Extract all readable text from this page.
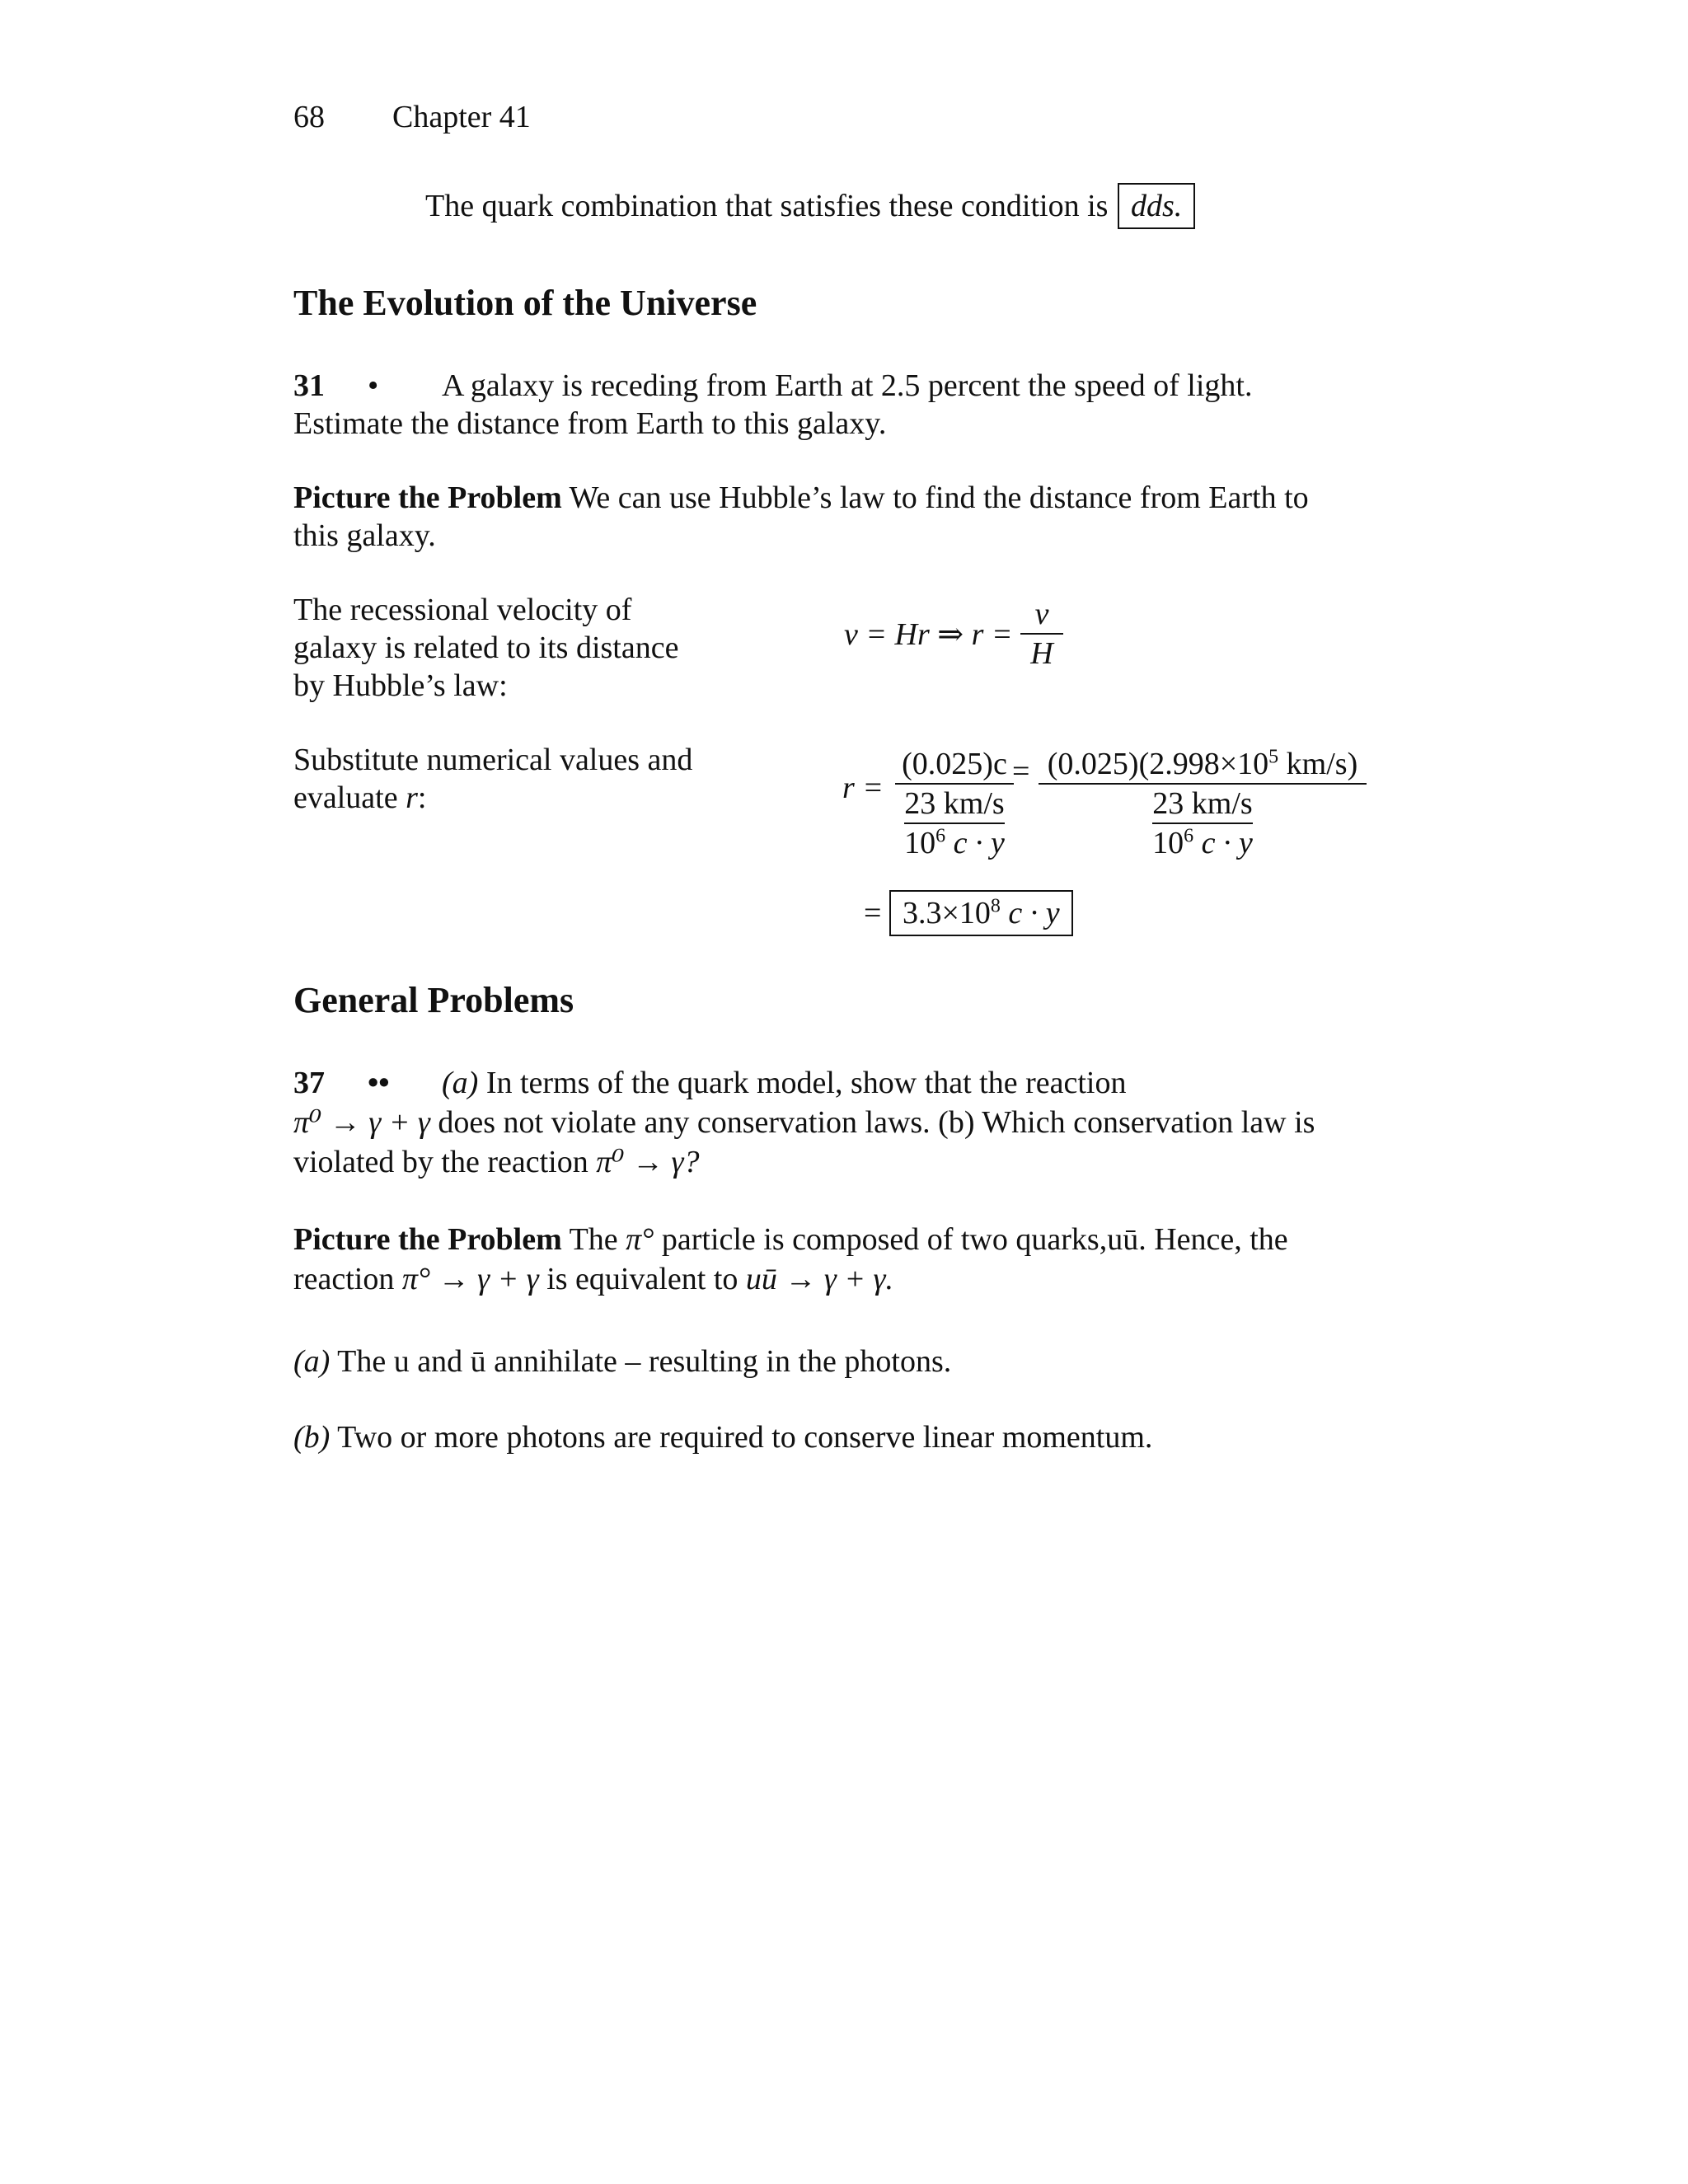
68 Chapter 41
The quark combination that satisfies these condition is dds.
The Evolution of the Universe
31 • A galaxy is receding from Earth at 2.5 percent the speed of light.
Estimate the distance from Earth to this galaxy.
Picture the Problem We can use Hubble’s law to find the distance from Earth to
this galaxy.
The recessional velocity of
galaxy is related to its distance
by Hubble’s law:
v = Hr ⇒ $r = \frac{v}{H}$
Substitute numerical values and
evaluate r:	$r = \frac{(0.025)c}{\frac{23 km/s}{10^6 c \cdot y}}$
= $\frac{(0.025)(2.998\times 10^5 km/s)}{\frac{23 km/s}{10^6 c \cdot y}}$
= $3.3\times 10^8$ c · y
General Problems
37 •• (a) In terms of the quark model, show that the reaction
π⁰ → γ + γ does not violate any conservation laws. (b) Which conservation law is
violated by the reaction π⁰ → γ?
Picture the Problem The π° particle is composed of two quarks,uū. Hence, the
reaction π° → γ + γ is equivalent to uū → γ + γ.
(a) The u and ū annihilate – resulting in the photons.
(b) Two or more photons are required to conserve linear momentum.
